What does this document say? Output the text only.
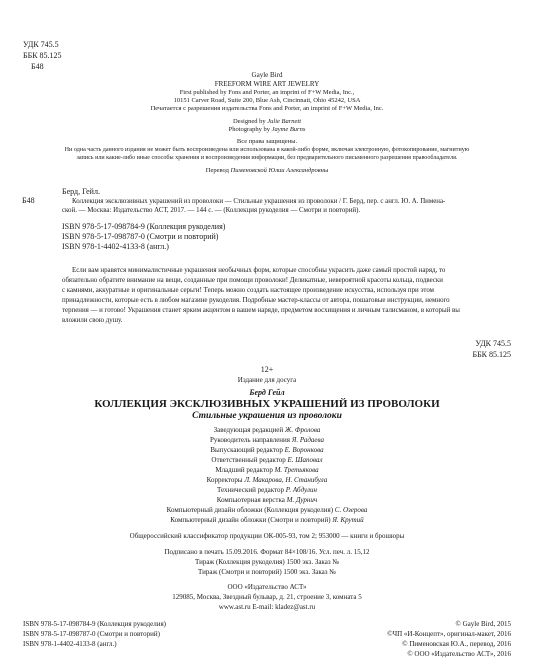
УДК 745.5
ББК 85.125
Б48
Gayle Bird
FREEFORM WIRE ART JEWELRY
First published by Fons and Porter, an imprint of F+W Media, Inc.,
10151 Carver Road, Suite 200, Blue Ash, Cincinnati, Ohio 45242, USA
Печатается с разрешения издательства Fons and Porter, an imprint of F+W Media, Inc.
Designed by Julie Barnett
Photography by Jayme Burns
Все права защищены.
Ни одна часть данного издания не может быть воспроизведена или использована в какой-либо форме, включая электронную, фотокопирование, магнитную
запись или какие-либо иные способы хранения и воспроизведения информации, без предварительного письменного разрешения правообладателя.
Перевод Пименовской Юлии Александровны
Б48
Берд, Гейл.
Коллекция эксклюзивных украшений из проволоки — Стильные украшения из проволоки / Г. Берд, пер. с англ. Ю. А. Пимена-
ской. — Москва: Издательство АСТ, 2017. — 144 с. — (Коллекция рукоделия — Смотри и повторий).
ISBN 978-5-17-098784-9 (Коллекция рукоделия)
ISBN 978-5-17-098787-0 (Смотри и повторий)
ISBN 978-1-4402-4133-8 (англ.)
Если вам нравятся минималистичные украшения необычных форм, которые способны украсить даже самый простой наряд, то
обязательно обратите внимание на вещи, созданные при помощи проволоки! Деликатные, невероятной красоты кольца, подвески
с камнями, аккуратные и оригинальные серьги! Теперь можно создать настоящее произведение искусства, используя при этом
принадлежности, которые есть в любом магазине рукоделия. Подробные мастер-классы от автора, пошаговые инструкции, немного
терпения — и готово! Украшения станет ярким акцентом в вашем наряде, предметом восхищения и личным талисманом, в который вы
вложили свою душу.
УДК 745.5
ББК 85.125
12+
Издание для досуга
Берд Гейл
КОЛЛЕКЦИЯ ЭКСКЛЮЗИВНЫХ УКРАШЕНИЙ ИЗ ПРОВОЛОКИ
Стильные украшения из проволоки
Заведующая редакцией Ж. Фролова
Руководитель направления Я. Радаева
Выпускающий редактор Е. Воронкова
Ответственный редактор Е. Шаповал
Младший редактор М. Третьякова
Корректоры Л. Макарова, Н. Станибула
Технический редактор Р. Абдулин
Компьютерная верстка М. Дурнич
Компьютерный дизайн обложки (Коллекция рукоделия) С. Озерова
Компьютерный дизайн обложки (Смотри и повторий) Я. Крутий
Общероссийский классификатор продукции ОК-005-93, том 2; 953000 — книги и брошюры
Подписано в печать 15.09.2016. Формат 84×108/16. Усл. печ. л. 15,12
Тираж (Коллекция рукоделия) 1500 экз. Заказ №
Тираж (Смотри и повторий) 1500 экз. Заказ №
ООО «Издательство АСТ»
129085, Москва, Звездный бульвар, д. 21, строение 3, комната 5
www.ast.ru E-mail: kladez@ast.ru
ISBN 978-5-17-098784-9 (Коллекция рукоделия)
ISBN 978-5-17-098787-0 (Смотри и повторий)
ISBN 978-1-4402-4133-8 (англ.)
© Gayle Bird, 2015
©ЧП «И-Концепт», оригинал-макет, 2016
© Пименовская Ю.А., перевод, 2016
© ООО «Издательство АСТ», 2016
